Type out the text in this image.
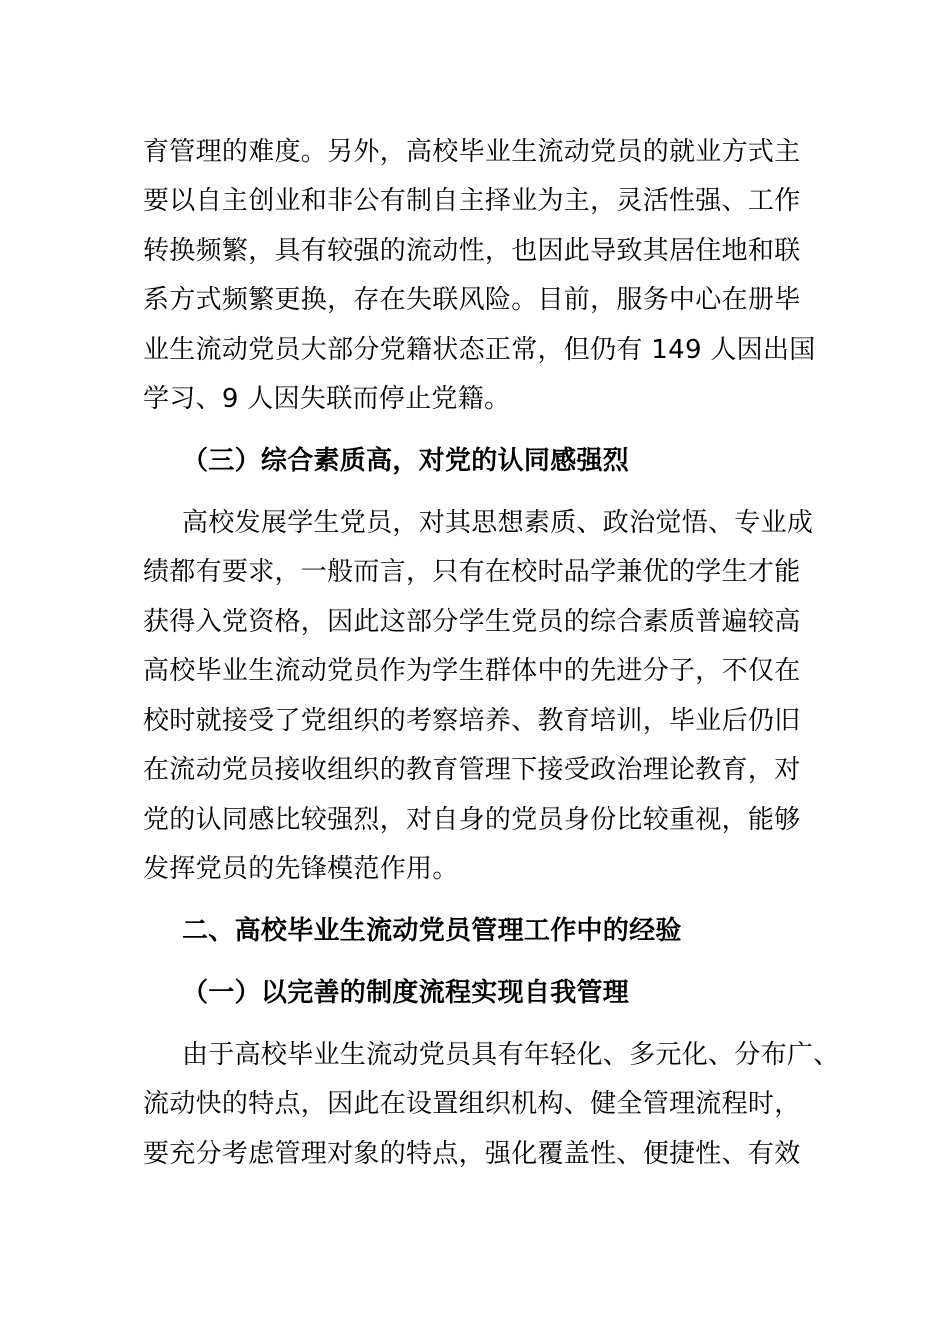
育管理的难度。另外，高校毕业生流动党员的就业方式主
要以自主创业和非公有制自主择业为主，灵活性强、工作
转换频繁，具有较强的流动性，也因此导致其居住地和联
系方式频繁更换，存在失联风险。目前，服务中心在册毕
业生流动党员大部分党籍状态正常，但仍有 149 人因出国
学习、9 人因失联而停止党籍。
（三）综合素质高，对党的认同感强烈
高校发展学生党员，对其思想素质、政治觉悟、专业成
绩都有要求，一般而言，只有在校时品学兼优的学生才能
获得入党资格，因此这部分学生党员的综合素质普遍较高
高校毕业生流动党员作为学生群体中的先进分子，不仅在
校时就接受了党组织的考察培养、教育培训，毕业后仍旧
在流动党员接收组织的教育管理下接受政治理论教育，对
党的认同感比较强烈，对自身的党员身份比较重视，能够
发挥党员的先锋模范作用。
二、高校毕业生流动党员管理工作中的经验
（一）以完善的制度流程实现自我管理
由于高校毕业生流动党员具有年轻化、多元化、分布广、
流动快的特点，因此在设置组织机构、健全管理流程时，
要充分考虑管理对象的特点，强化覆盖性、便捷性、有效
